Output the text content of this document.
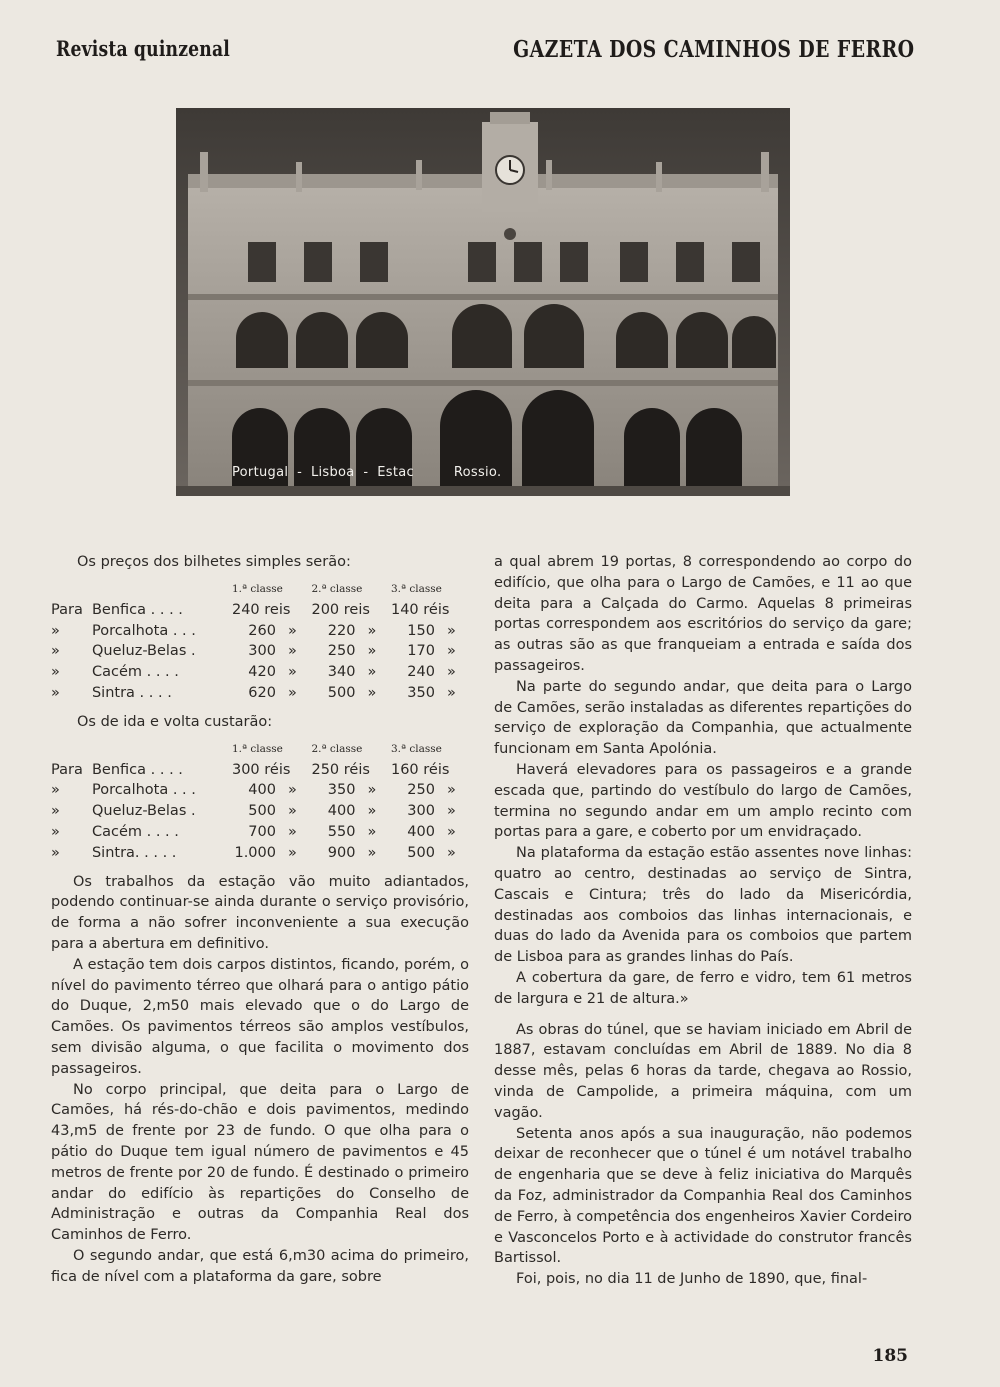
Revista quinzenal	GAZETA DOS CAMINHOS DE FERRO
Portugal  -  Lisboa  -  Estac         Rossio.

Os preços dos bilhetes simples serão:

		1.ª classe	2.ª classe	3.ª classe
Para	Benfica . . . .	240 reis	200 reis	140 réis
»	Porcalhota . . .	260 »	220 »	150 »
»	Queluz-Belas .	300 »	250 »	170 »
»	Cacém . . . .	420 »	340 »	240 »
»	Sintra . . . .	620 »	500 »	350 »

Os de ida e volta custarão:

		1.ª classe	2.ª classe	3.ª classe
Para	Benfica . . . .	300 réis	250 réis	160 réis
»	Porcalhota . . .	400 »	350 »	250 »
»	Queluz-Belas .	500 »	400 »	300 »
»	Cacém . . . .	700 »	550 »	400 »
»	Sintra. . . . .	1.000 »	900 »	500 »

Os trabalhos da estação vão muito adiantados, podendo continuar-se ainda durante o serviço provisório, de forma a não sofrer inconveniente a sua execução para a abertura em definitivo.

A estação tem dois carpos distintos, ficando, porém, o nível do pavimento térreo que olhará para o antigo pátio do Duque, 2,m50 mais elevado que o do Largo de Camões. Os pavimentos térreos são amplos vestíbulos, sem divisão alguma, o que facilita o movimento dos passageiros.

No corpo principal, que deita para o Largo de Camões, há rés-do-chão e dois pavimentos, medindo 43,m5 de frente por 23 de fundo. O que olha para o pátio do Duque tem igual número de pavimentos e 45 metros de frente por 20 de fundo. É destinado o primeiro andar do edifício às repartições do Conselho de Administração e outras da Companhia Real dos Caminhos de Ferro.

O segundo andar, que está 6,m30 acima do primeiro, fica de nível com a plataforma da gare, sobre

a qual abrem 19 portas, 8 correspondendo ao corpo do edifício, que olha para o Largo de Camões, e 11 ao que deita para a Calçada do Carmo. Aquelas 8 primeiras portas correspondem aos escritórios do serviço da gare; as outras são as que franqueiam a entrada e saída dos passageiros.

Na parte do segundo andar, que deita para o Largo de Camões, serão instaladas as diferentes repartições do serviço de exploração da Companhia, que actualmente funcionam em Santa Apolónia.

Haverá elevadores para os passageiros e a grande escada que, partindo do vestíbulo do largo de Camões, termina no segundo andar em um amplo recinto com portas para a gare, e coberto por um envidraçado.

Na plataforma da estação estão assentes nove linhas: quatro ao centro, destinadas ao serviço de Sintra, Cascais e Cintura; três do lado da Misericórdia, destinadas aos comboios das linhas internacionais, e duas do lado da Avenida para os comboios que partem de Lisboa para as grandes linhas do País.

A cobertura da gare, de ferro e vidro, tem 61 metros de largura e 21 de altura.»

As obras do túnel, que se haviam iniciado em Abril de 1887, estavam concluídas em Abril de 1889. No dia 8 desse mês, pelas 6 horas da tarde, chegava ao Rossio, vinda de Campolide, a primeira máquina, com um vagão.

Setenta anos após a sua inauguração, não podemos deixar de reconhecer que o túnel é um notável trabalho de engenharia que se deve à feliz iniciativa do Marquês da Foz, administrador da Companhia Real dos Caminhos de Ferro, à competência dos engenheiros Xavier Cordeiro e Vasconcelos Porto e à actividade do construtor francês Bartissol.

Foi, pois, no dia 11 de Junho de 1890, que, final-

185
